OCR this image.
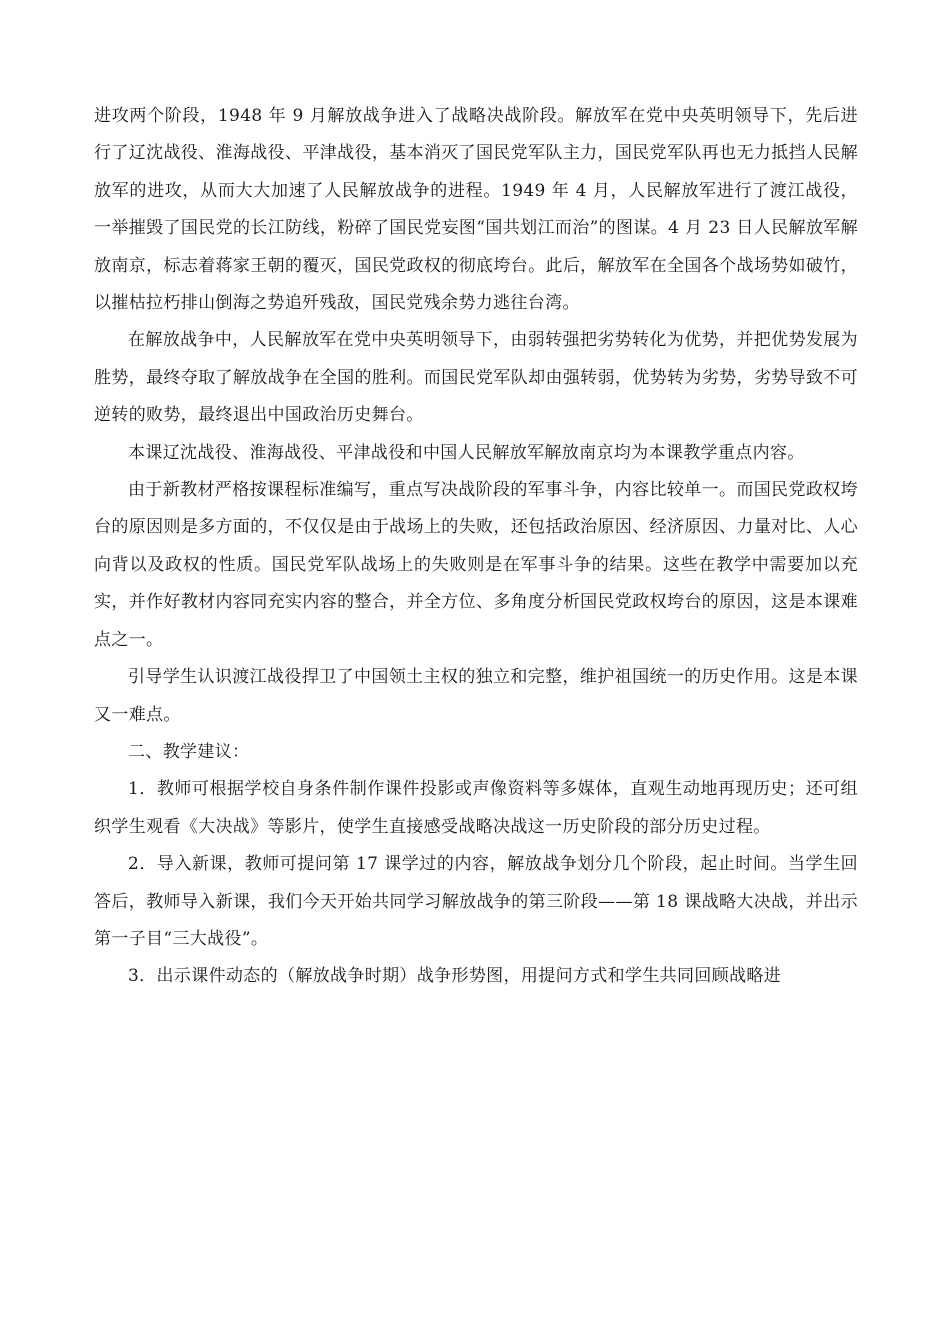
进攻两个阶段，1948 年 9 月解放战争进入了战略决战阶段。解放军在党中央英明领导下，先后进行了辽沈战役、淮海战役、平津战役，基本消灭了国民党军队主力，国民党军队再也无力抵挡人民解放军的进攻，从而大大加速了人民解放战争的进程。1949 年 4 月，人民解放军进行了渡江战役，一举摧毁了国民党的长江防线，粉碎了国民党妄图“国共划江而治”的图谋。4 月 23 日人民解放军解放南京，标志着蒋家王朝的覆灭，国民党政权的彻底垮台。此后，解放军在全国各个战场势如破竹，以摧枯拉朽排山倒海之势追歼残敌，国民党残余势力逃往台湾。

在解放战争中，人民解放军在党中央英明领导下，由弱转强把劣势转化为优势，并把优势发展为胜势，最终夺取了解放战争在全国的胜利。而国民党军队却由强转弱，优势转为劣势，劣势导致不可逆转的败势，最终退出中国政治历史舞台。

本课辽沈战役、淮海战役、平津战役和中国人民解放军解放南京均为本课教学重点内容。

由于新教材严格按课程标准编写，重点写决战阶段的军事斗争，内容比较单一。而国民党政权垮台的原因则是多方面的，不仅仅是由于战场上的失败，还包括政治原因、经济原因、力量对比、人心向背以及政权的性质。国民党军队战场上的失败则是在军事斗争的结果。这些在教学中需要加以充实，并作好教材内容同充实内容的整合，并全方位、多角度分析国民党政权垮台的原因，这是本课难点之一。

引导学生认识渡江战役捍卫了中国领土主权的独立和完整，维护祖国统一的历史作用。这是本课又一难点。

二、教学建议：

1．教师可根据学校自身条件制作课件投影或声像资料等多媒体，直观生动地再现历史；还可组织学生观看《大决战》等影片，使学生直接感受战略决战这一历史阶段的部分历史过程。

2．导入新课，教师可提问第 17 课学过的内容，解放战争划分几个阶段，起止时间。当学生回答后，教师导入新课，我们今天开始共同学习解放战争的第三阶段——第 18 课战略大决战，并出示第一子目“三大战役”。

3．出示课件动态的（解放战争时期）战争形势图，用提问方式和学生共同回顾战略进
